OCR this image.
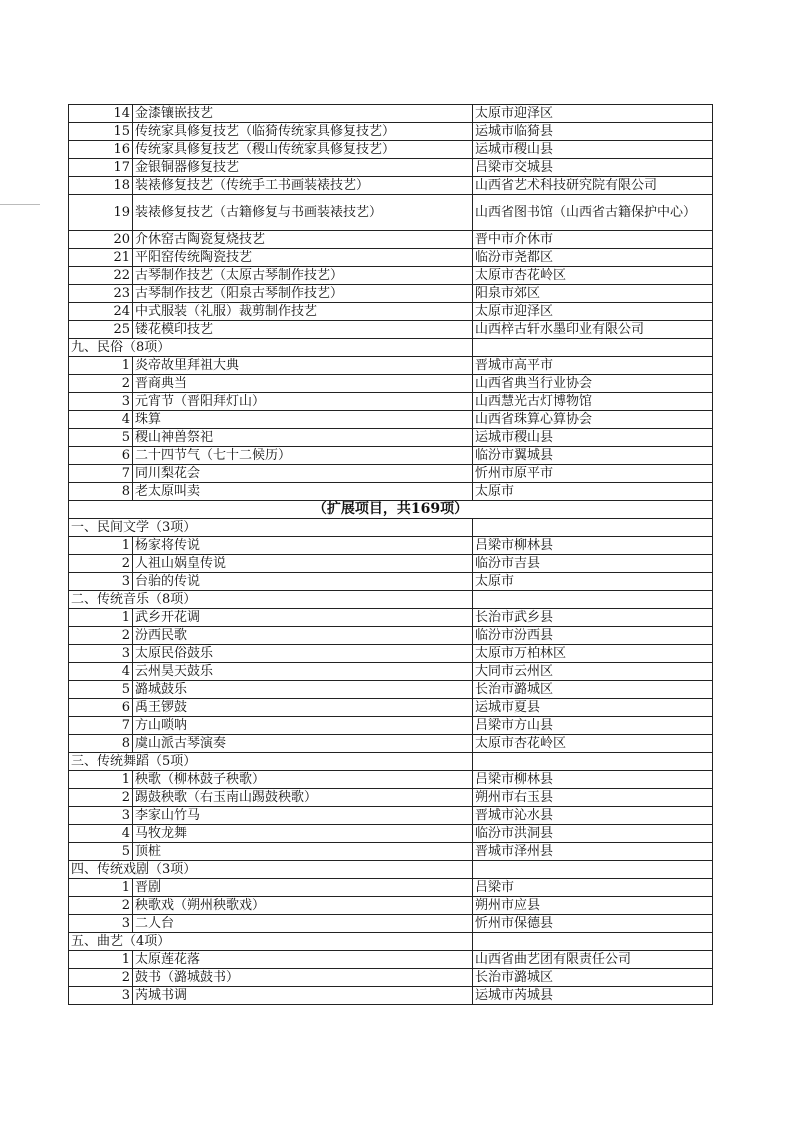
14	金漆镶嵌技艺	太原市迎泽区
15	传统家具修复技艺（临猗传统家具修复技艺）	运城市临猗县
16	传统家具修复技艺（稷山传统家具修复技艺）	运城市稷山县
17	金银铜器修复技艺	吕梁市交城县
18	装裱修复技艺（传统手工书画装裱技艺）	山西省艺术科技研究院有限公司
19	装裱修复技艺（古籍修复与书画装裱技艺）	山西省图书馆（山西省古籍保护中心）
20	介休窑古陶瓷复烧技艺	晋中市介休市
21	平阳窑传统陶瓷技艺	临汾市尧都区
22	古琴制作技艺（太原古琴制作技艺）	太原市杏花岭区
23	古琴制作技艺（阳泉古琴制作技艺）	阳泉市郊区
24	中式服装（礼服）裁剪制作技艺	太原市迎泽区
25	镂花模印技艺	山西梓古轩水墨印业有限公司
九、民俗（8项）		
1	炎帝故里拜祖大典	晋城市高平市
2	晋商典当	山西省典当行业协会
3	元宵节（晋阳拜灯山）	山西慧光古灯博物馆
4	珠算	山西省珠算心算协会
5	稷山神兽祭祀	运城市稷山县
6	二十四节气（七十二候历）	临汾市翼城县
7	同川梨花会	忻州市原平市
8	老太原叫卖	太原市
（扩展项目，共169项）		
一、民间文学（3项）		
1	杨家将传说	吕梁市柳林县
2	人祖山娲皇传说	临汾市吉县
3	台骀的传说	太原市
二、传统音乐（8项）		
1	武乡开花调	长治市武乡县
2	汾西民歌	临汾市汾西县
3	太原民俗鼓乐	太原市万柏林区
4	云州昊天鼓乐	大同市云州区
5	潞城鼓乐	长治市潞城区
6	禹王锣鼓	运城市夏县
7	方山唢呐	吕梁市方山县
8	虞山派古琴演奏	太原市杏花岭区
三、传统舞蹈（5项）		
1	秧歌（柳林鼓子秧歌）	吕梁市柳林县
2	踢鼓秧歌（右玉南山踢鼓秧歌）	朔州市右玉县
3	李家山竹马	晋城市沁水县
4	马牧龙舞	临汾市洪洞县
5	顶桩	晋城市泽州县
四、传统戏剧（3项）		
1	晋剧	吕梁市
2	秧歌戏（朔州秧歌戏）	朔州市应县
3	二人台	忻州市保德县
五、曲艺（4项）		
1	太原莲花落	山西省曲艺团有限责任公司
2	鼓书（潞城鼓书）	长治市潞城区
3	芮城书调	运城市芮城县
